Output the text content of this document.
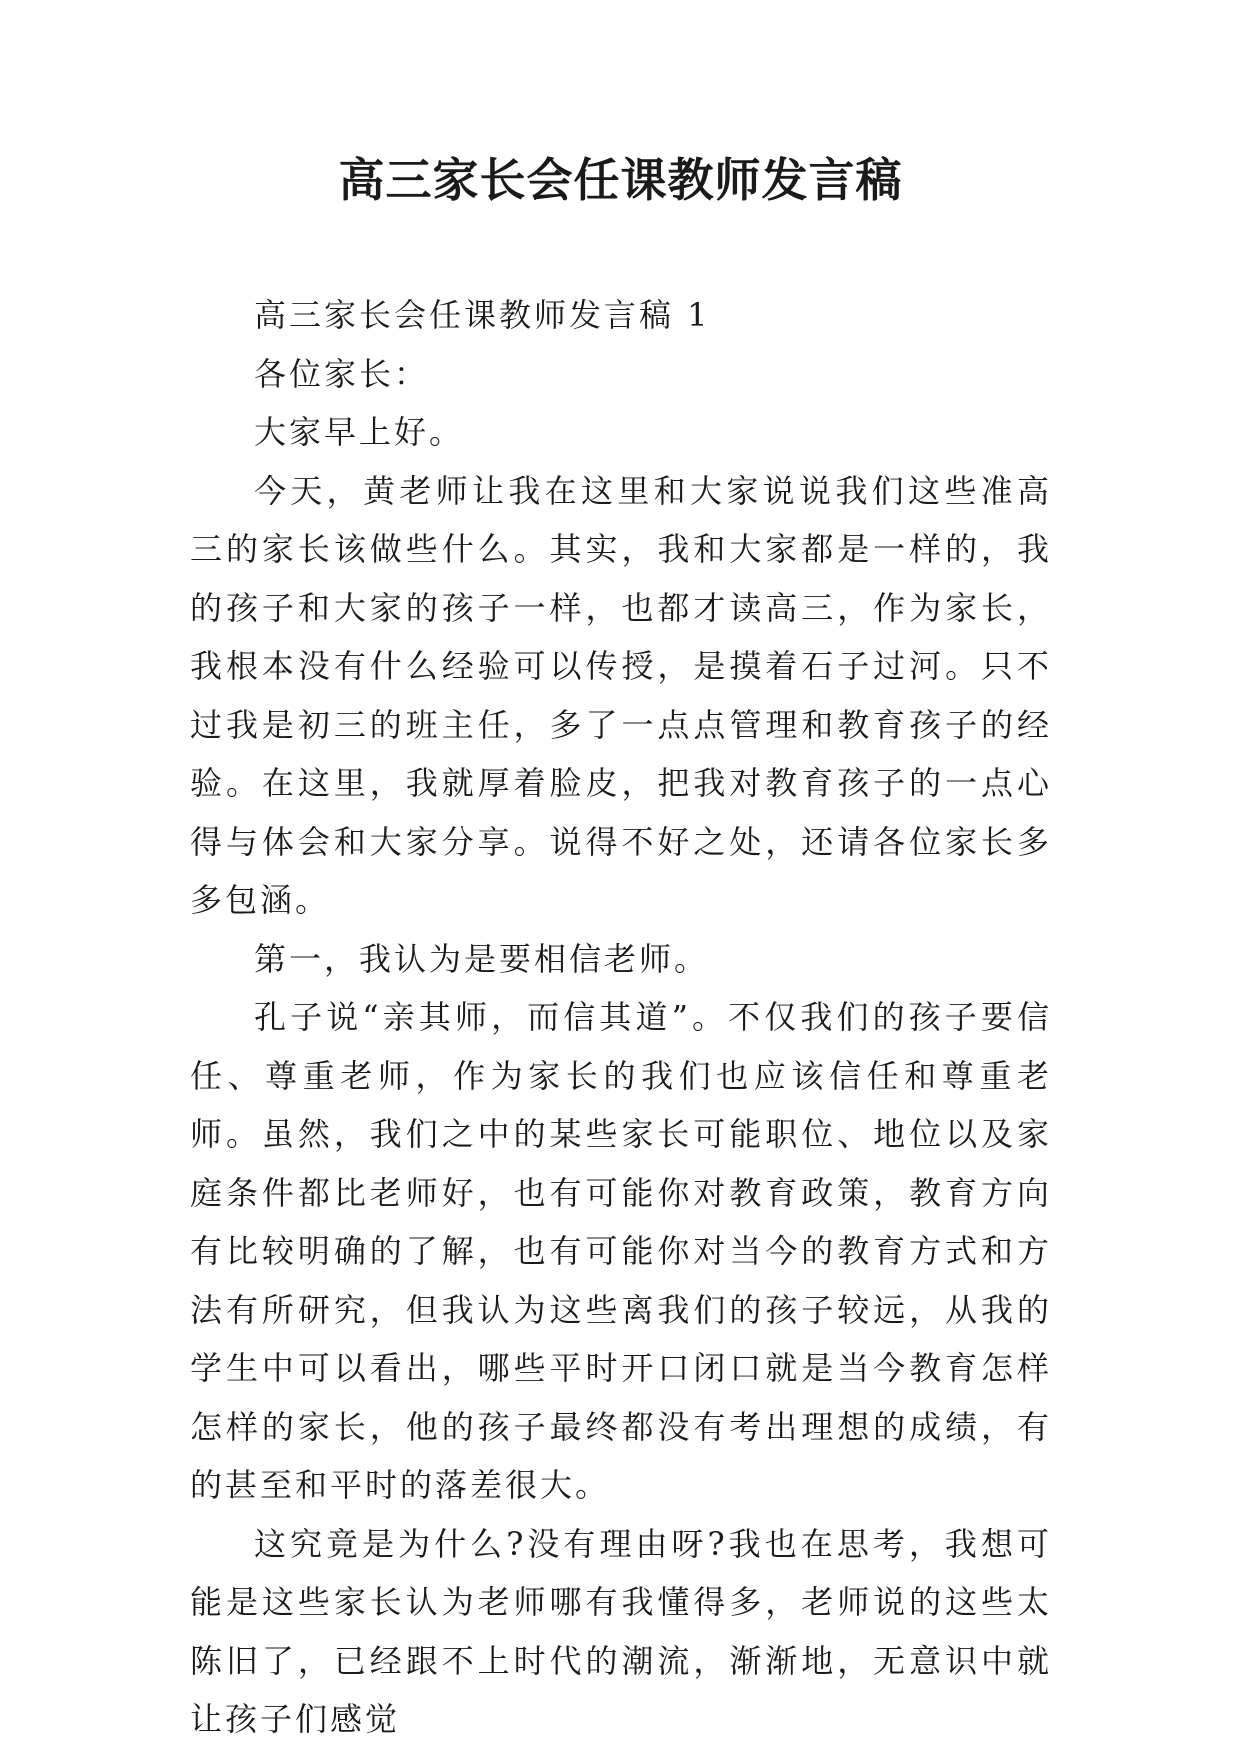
高三家长会任课教师发言稿

高三家长会任课教师发言稿 1

各位家长：

大家早上好。

今天，黄老师让我在这里和大家说说我们这些准高三的家长该做些什么。其实，我和大家都是一样的，我的孩子和大家的孩子一样，也都才读高三，作为家长，我根本没有什么经验可以传授，是摸着石子过河。只不过我是初三的班主任，多了一点点管理和教育孩子的经验。在这里，我就厚着脸皮，把我对教育孩子的一点心得与体会和大家分享。说得不好之处，还请各位家长多多包涵。

第一，我认为是要相信老师。

孔子说“亲其师，而信其道”。不仅我们的孩子要信任、尊重老师，作为家长的我们也应该信任和尊重老师。虽然，我们之中的某些家长可能职位、地位以及家庭条件都比老师好，也有可能你对教育政策，教育方向有比较明确的了解，也有可能你对当今的教育方式和方法有所研究，但我认为这些离我们的孩子较远，从我的学生中可以看出，哪些平时开口闭口就是当今教育怎样怎样的家长，他的孩子最终都没有考出理想的成绩，有的甚至和平时的落差很大。

这究竟是为什么?没有理由呀?我也在思考，我想可能是这些家长认为老师哪有我懂得多，老师说的这些太陈旧了，已经跟不上时代的潮流，渐渐地，无意识中就让孩子们感觉
